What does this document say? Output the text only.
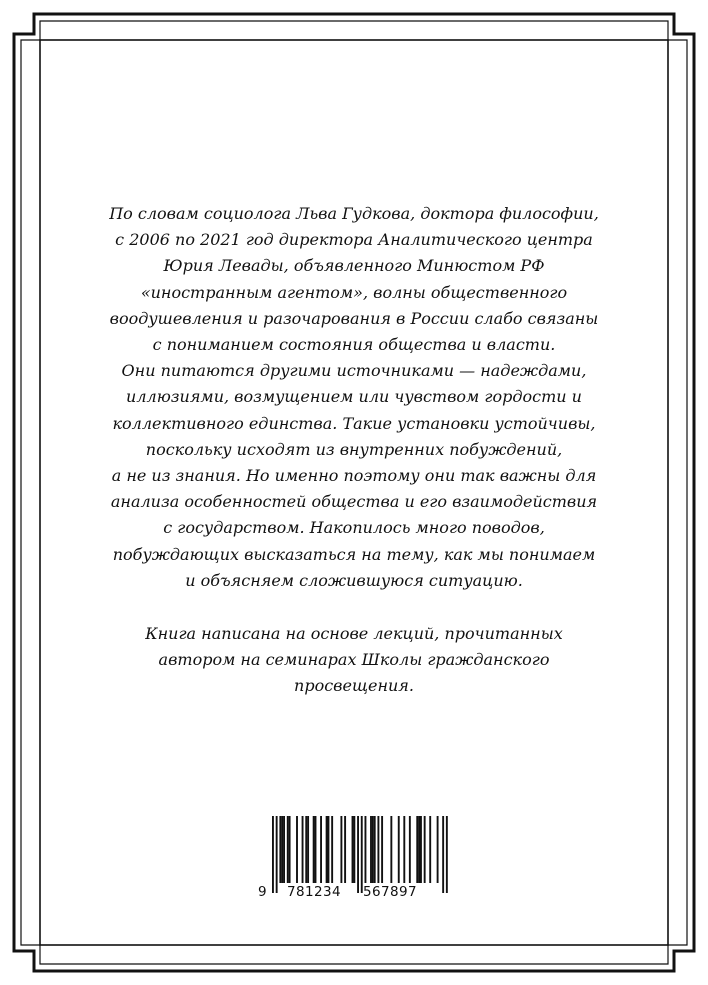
По словам социолога Льва Гудкова, доктора философии,
с 2006 по 2021 год директора Аналитического центра
Юрия Левады, объявленного Минюстом РФ
«иностранным агентом», волны общественного
воодушевления и разочарования в России слабо связаны
с пониманием состояния общества и власти.
Они питаются другими источниками — надеждами,
иллюзиями, возмущением или чувством гордости и
коллективного единства. Такие установки устойчивы,
поскольку исходят из внутренних побуждений,
а не из знания. Но именно поэтому они так важны для
анализа особенностей общества и его взаимодействия
с государством. Накопилось много поводов,
побуждающих высказаться на тему, как мы понимаем
и объясняем сложившуюся ситуацию.
Книга написана на основе лекций, прочитанных
автором на семинарах Школы гражданского
просвещения.
9 781234 567897
